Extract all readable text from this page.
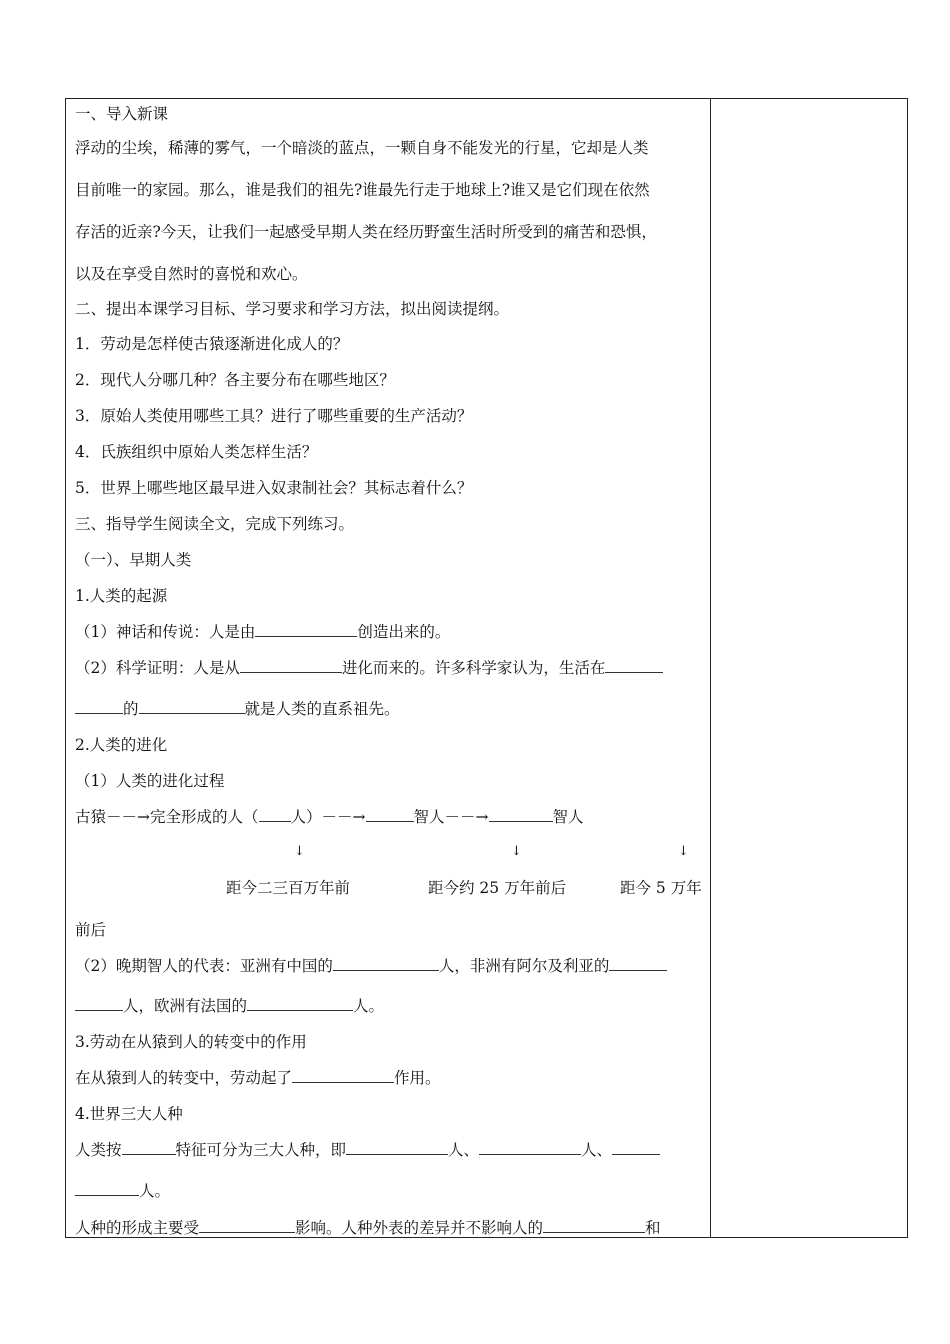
一、导入新课
浮动的尘埃，稀薄的雾气，一个暗淡的蓝点，一颗自身不能发光的行星，它却是人类
目前唯一的家园。那么，谁是我们的祖先?谁最先行走于地球上?谁又是它们现在依然
存活的近亲?今天，让我们一起感受早期人类在经历野蛮生活时所受到的痛苦和恐惧，
以及在享受自然时的喜悦和欢心。
二、提出本课学习目标、学习要求和学习方法，拟出阅读提纲。
1．劳动是怎样使古猿逐渐进化成人的？
2．现代人分哪几种？各主要分布在哪些地区？
3．原始人类使用哪些工具？进行了哪些重要的生产活动？
4．氏族组织中原始人类怎样生活？
5．世界上哪些地区最早进入奴隶制社会？其标志着什么？
三、指导学生阅读全文，完成下列练习。
（一）、早期人类
1.人类的起源
（1）神话和传说：人是由	创造出来的。
（2）科学证明：人是从	进化而来的。许多科学家认为，生活在
的	就是人类的直系祖先。
2.人类的进化
（1）人类的进化过程
古猿－－→完全形成的人（ 人）－－→	智人－－→	智人
↓	↓	↓
距今二三百万年前	距今约 25 万年前后	距今 5 万年
前后
（2）晚期智人的代表：亚洲有中国的	人，非洲有阿尔及利亚的
人，欧洲有法国的	人。
3.劳动在从猿到人的转变中的作用
在从猿到人的转变中，劳动起了	作用。
4.世界三大人种
人类按	特征可分为三大人种，即	人、	人、
人。
人种的形成主要受	影响。人种外表的差异并不影响人的	和
